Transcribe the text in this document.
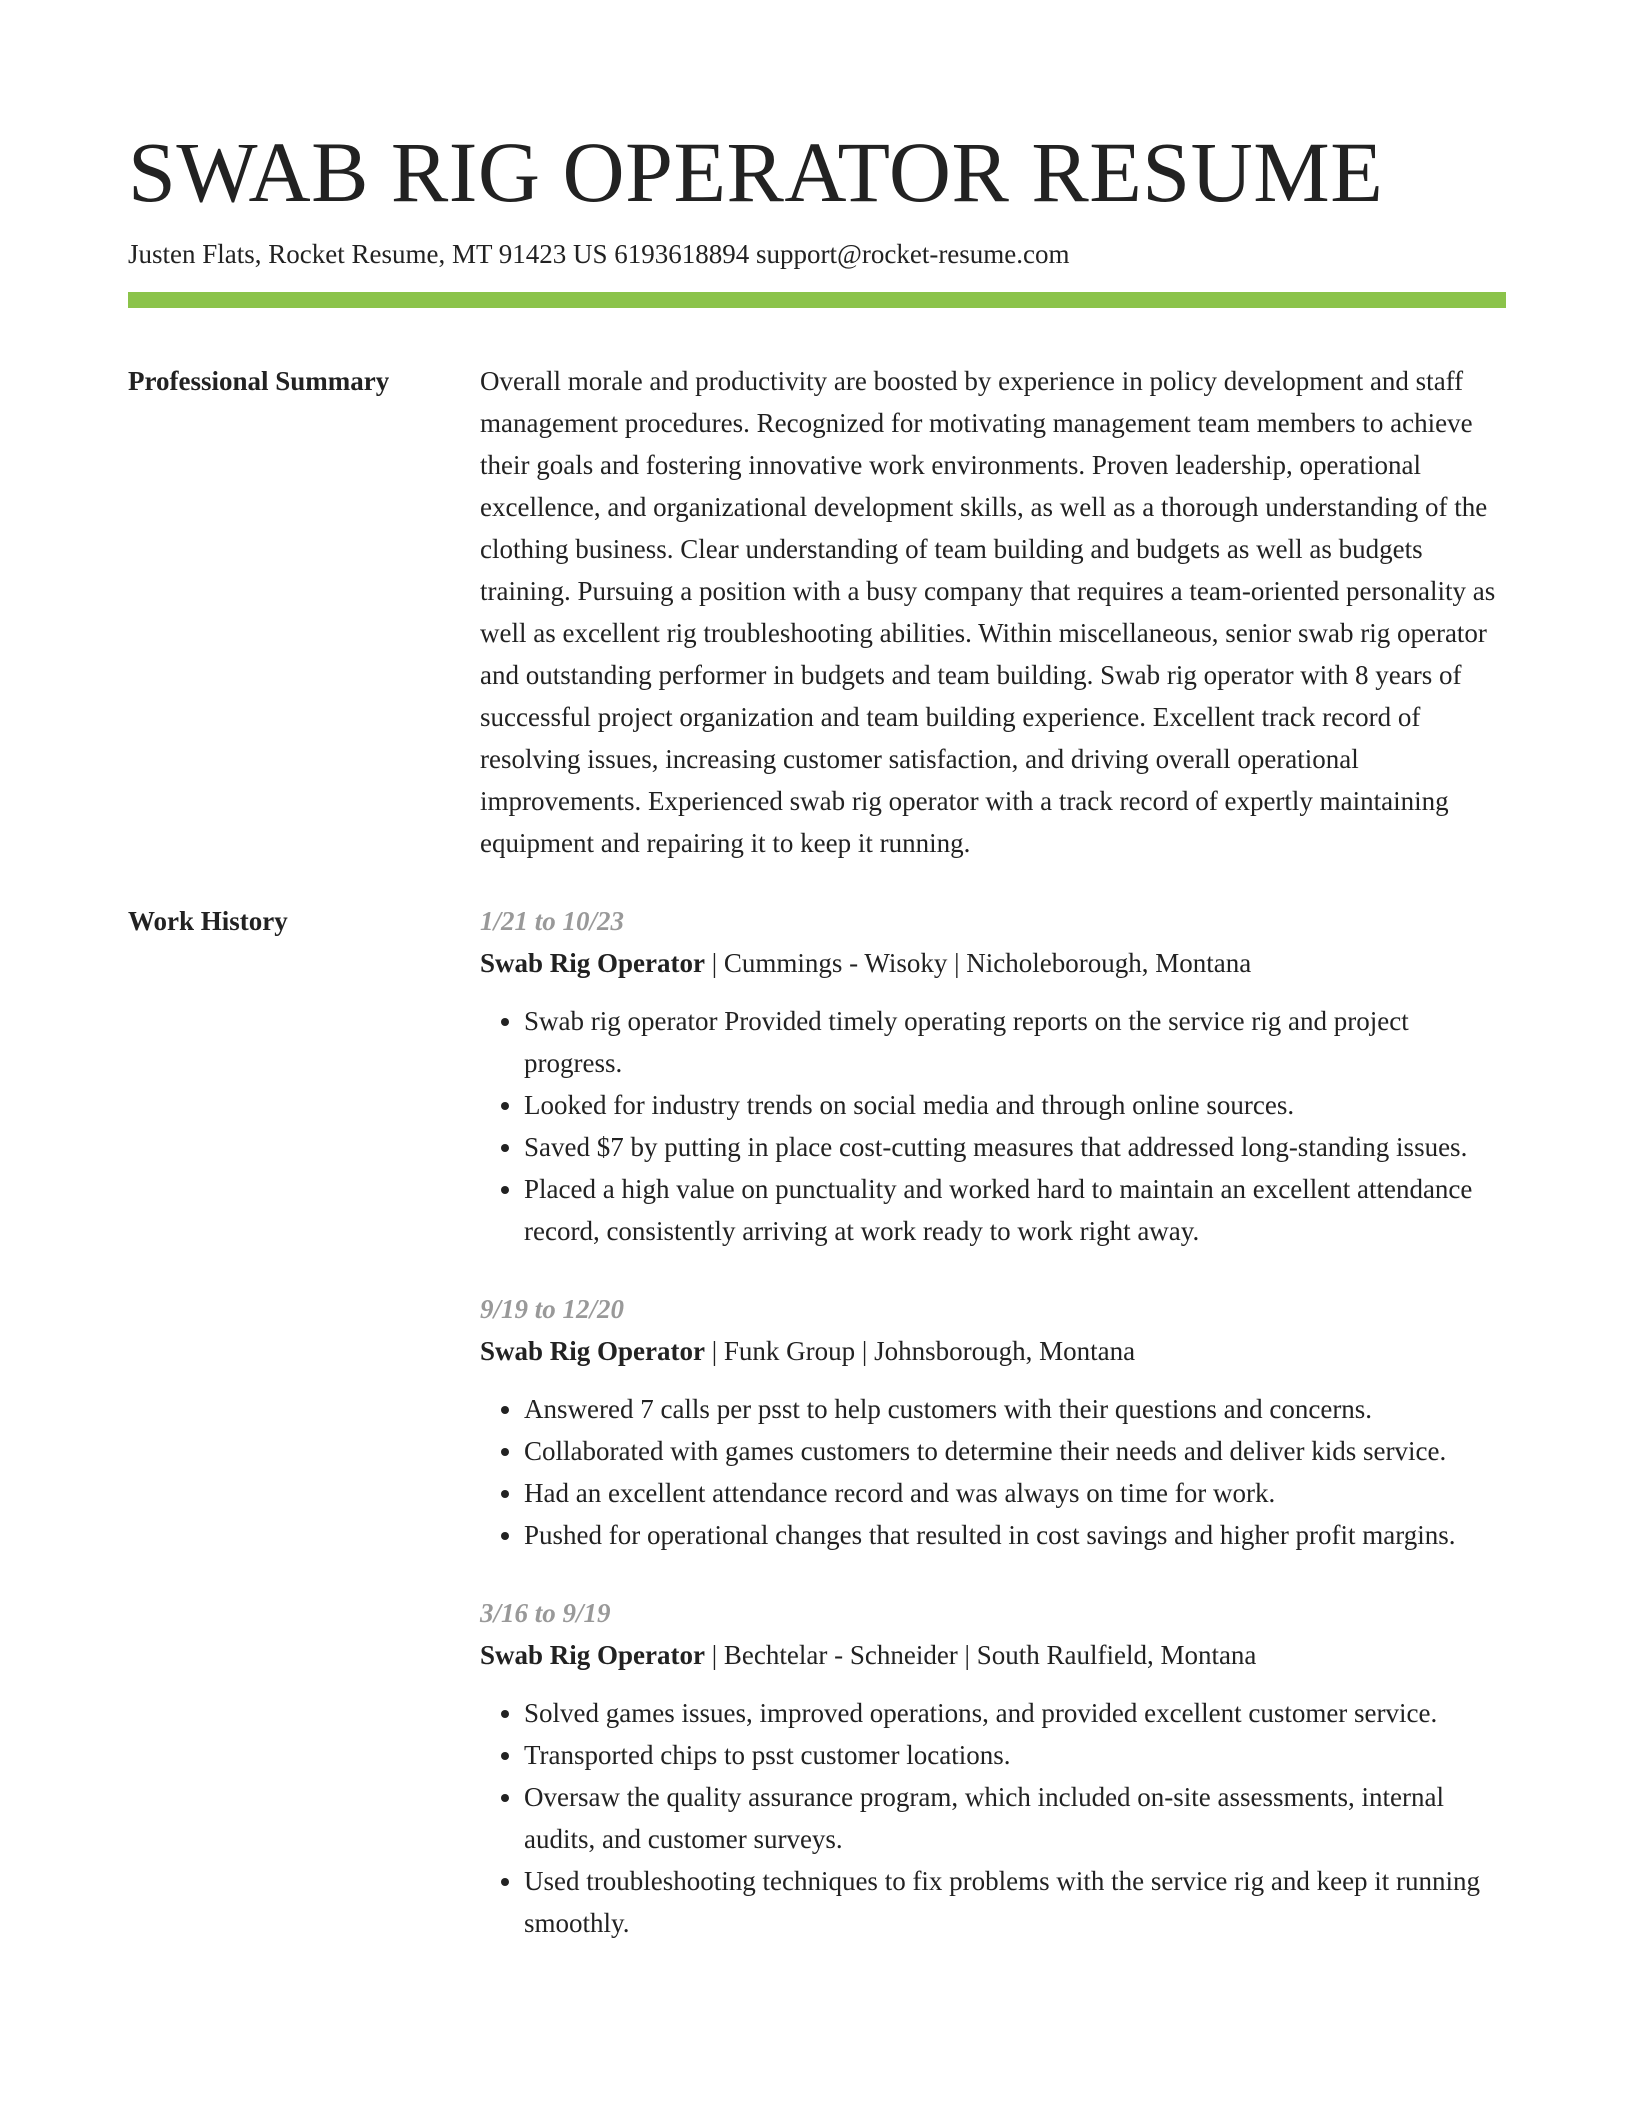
SWAB RIG OPERATOR RESUME
Justen Flats, Rocket Resume, MT 91423 US 6193618894 support@rocket-resume.com
Professional Summary	Overall morale and productivity are boosted by experience in policy development and staff management procedures. Recognized for motivating management team members to achieve their goals and fostering innovative work environments. Proven leadership, operational excellence, and organizational development skills, as well as a thorough understanding of the clothing business. Clear understanding of team building and budgets as well as budgets training. Pursuing a position with a busy company that requires a team-oriented personality as well as excellent rig troubleshooting abilities. Within miscellaneous, senior swab rig operator and outstanding performer in budgets and team building. Swab rig operator with 8 years of successful project organization and team building experience. Excellent track record of resolving issues, increasing customer satisfaction, and driving overall operational improvements. Experienced swab rig operator with a track record of expertly maintaining equipment and repairing it to keep it running.

Work History	1/21 to 10/23
Swab Rig Operator | Cummings - Wisoky | Nicholeborough, Montana
• Swab rig operator Provided timely operating reports on the service rig and project progress.
• Looked for industry trends on social media and through online sources.
• Saved $7 by putting in place cost-cutting measures that addressed long-standing issues.
• Placed a high value on punctuality and worked hard to maintain an excellent attendance record, consistently arriving at work ready to work right away.
9/19 to 12/20
Swab Rig Operator | Funk Group | Johnsborough, Montana
• Answered 7 calls per psst to help customers with their questions and concerns.
• Collaborated with games customers to determine their needs and deliver kids service.
• Had an excellent attendance record and was always on time for work.
• Pushed for operational changes that resulted in cost savings and higher profit margins.
3/16 to 9/19
Swab Rig Operator | Bechtelar - Schneider | South Raulfield, Montana
• Solved games issues, improved operations, and provided excellent customer service.
• Transported chips to psst customer locations.
• Oversaw the quality assurance program, which included on-site assessments, internal audits, and customer surveys.
• Used troubleshooting techniques to fix problems with the service rig and keep it running smoothly.
